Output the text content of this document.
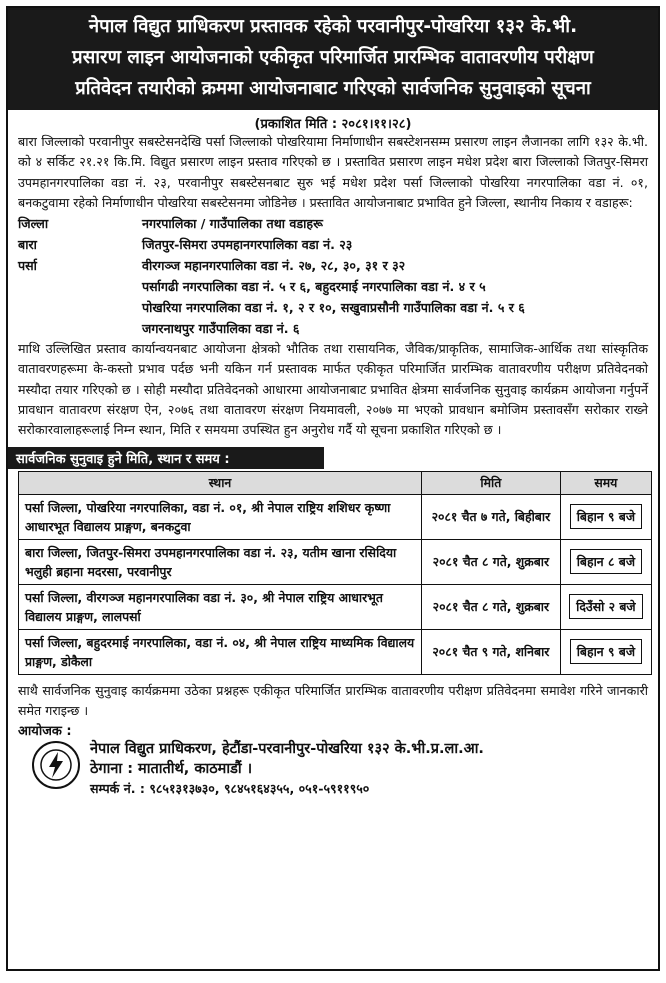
नेपाल विद्युत प्राधिकरण प्रस्तावक रहेको परवानीपुर-पोखरिया १३२ के.भी.
प्रसारण लाइन आयोजनाको एकीकृत परिमार्जित प्रारम्भिक वातावरणीय परीक्षण
प्रतिवेदन तयारीको क्रममा आयोजनाबाट गरिएको सार्वजनिक सुनुवाइको सूचना
(प्रकाशित मिति : २०८१।११।२८)
बारा जिल्लाको परवानीपुर सबस्टेसनदेखि पर्सा जिल्लाको पोखरियामा निर्माणाधीन सबस्टेशनसम्म प्रसारण लाइन लैजानका लागि १३२ के.भी. को ४ सर्किट २१.२१ कि.मि. विद्युत प्रसारण लाइन प्रस्ताव गरिएको छ । प्रस्तावित प्रसारण लाइन मधेश प्रदेश बारा जिल्लाको जितपुर-सिमरा उपमहानगरपालिका वडा नं. २३, परवानीपुर सबस्टेसनबाट सुरु भई मधेश प्रदेश पर्सा जिल्लाको पोखरिया नगरपालिका वडा नं. ०१, बनकटुवामा रहेको निर्माणाधीन पोखरिया सबस्टेसनमा जोडिनेछ । प्रस्तावित आयोजनाबाट प्रभावित हुने जिल्ला, स्थानीय निकाय र वडाहरू:
जिल्ला	नगरपालिका / गाउँपालिका तथा वडाहरू
बारा	जितपुर-सिमरा उपमहानगरपालिका वडा नं. २३
पर्सा	वीरगञ्ज महानगरपालिका वडा नं. २७, २८, ३०, ३१ र ३२
पर्सागढी नगरपालिका वडा नं. ५ र ६, बहुदरमाई नगरपालिका वडा नं. ४ र ५
पोखरिया नगरपालिका वडा नं. १, २ र १०, सखुवाप्रसौनी गाउँपालिका वडा नं. ५ र ६
जगरनाथपुर गाउँपालिका वडा नं. ६
माथि उल्लिखित प्रस्ताव कार्यान्वयनबाट आयोजना क्षेत्रको भौतिक तथा रासायनिक, जैविक/प्राकृतिक, सामाजिक-आर्थिक तथा सांस्कृतिक वातावरणहरूमा के-कस्तो प्रभाव पर्दछ भनी यकिन गर्न प्रस्तावक मार्फत एकीकृत परिमार्जित प्रारम्भिक वातावरणीय परीक्षण प्रतिवेदनको मस्यौदा तयार गरिएको छ । सोही मस्यौदा प्रतिवेदनको आधारमा आयोजनाबाट प्रभावित क्षेत्रमा सार्वजनिक सुनुवाइ कार्यक्रम आयोजना गर्नुपर्ने प्रावधान वातावरण संरक्षण ऐन, २०७६ तथा वातावरण संरक्षण नियमावली, २०७७ मा भएको प्रावधान बमोजिम प्रस्तावसँग सरोकार राख्ने सरोकारवालाहरूलाई निम्न स्थान, मिति र समयमा उपस्थित हुन अनुरोध गर्दै यो सूचना प्रकाशित गरिएको छ ।
सार्वजनिक सुनुवाइ हुने मिति, स्थान र समय :
स्थान	मिति	समय
पर्सा जिल्ला, पोखरिया नगरपालिका, वडा नं. ०१, श्री नेपाल राष्ट्रिय शशिधर कृष्णा आधारभूत विद्यालय प्राङ्गण, बनकटुवा	२०८१ चैत ७ गते, बिहीबार	बिहान ९ बजे
बारा जिल्ला, जितपुर-सिमरा उपमहानगरपालिका वडा नं. २३, यतीम खाना रसिदिया भलुही ब्रहाना मदरसा, परवानीपुर	२०८१ चैत ८ गते, शुक्रबार	बिहान ८ बजे
पर्सा जिल्ला, वीरगञ्ज महानगरपालिका वडा नं. ३०, श्री नेपाल राष्ट्रिय आधारभूत विद्यालय प्राङ्गण, लालपर्सा	२०८१ चैत ८ गते, शुक्रबार	दिउँसो २ बजे
पर्सा जिल्ला, बहुदरमाई नगरपालिका, वडा नं. ०४, श्री नेपाल राष्ट्रिय माध्यमिक विद्यालय प्राङ्गण, डोकैला	२०८१ चैत ९ गते, शनिबार	बिहान ९ बजे
साथै सार्वजनिक सुनुवाइ कार्यक्रममा उठेका प्रश्नहरू एकीकृत परिमार्जित प्रारम्भिक वातावरणीय परीक्षण प्रतिवेदनमा समावेश गरिने जानकारी समेत गराइन्छ ।
आयोजक :
नेपाल विद्युत प्राधिकरण, हेटौंडा-परवानीपुर-पोखरिया १३२ के.भी.प्र.ला.आ.
ठेगाना : मातातीर्थ, काठमाडौं ।
सम्पर्क नं. : ९८५१३१३७३०, ९८४५१६४३५५, ०५१-५९११९५०
